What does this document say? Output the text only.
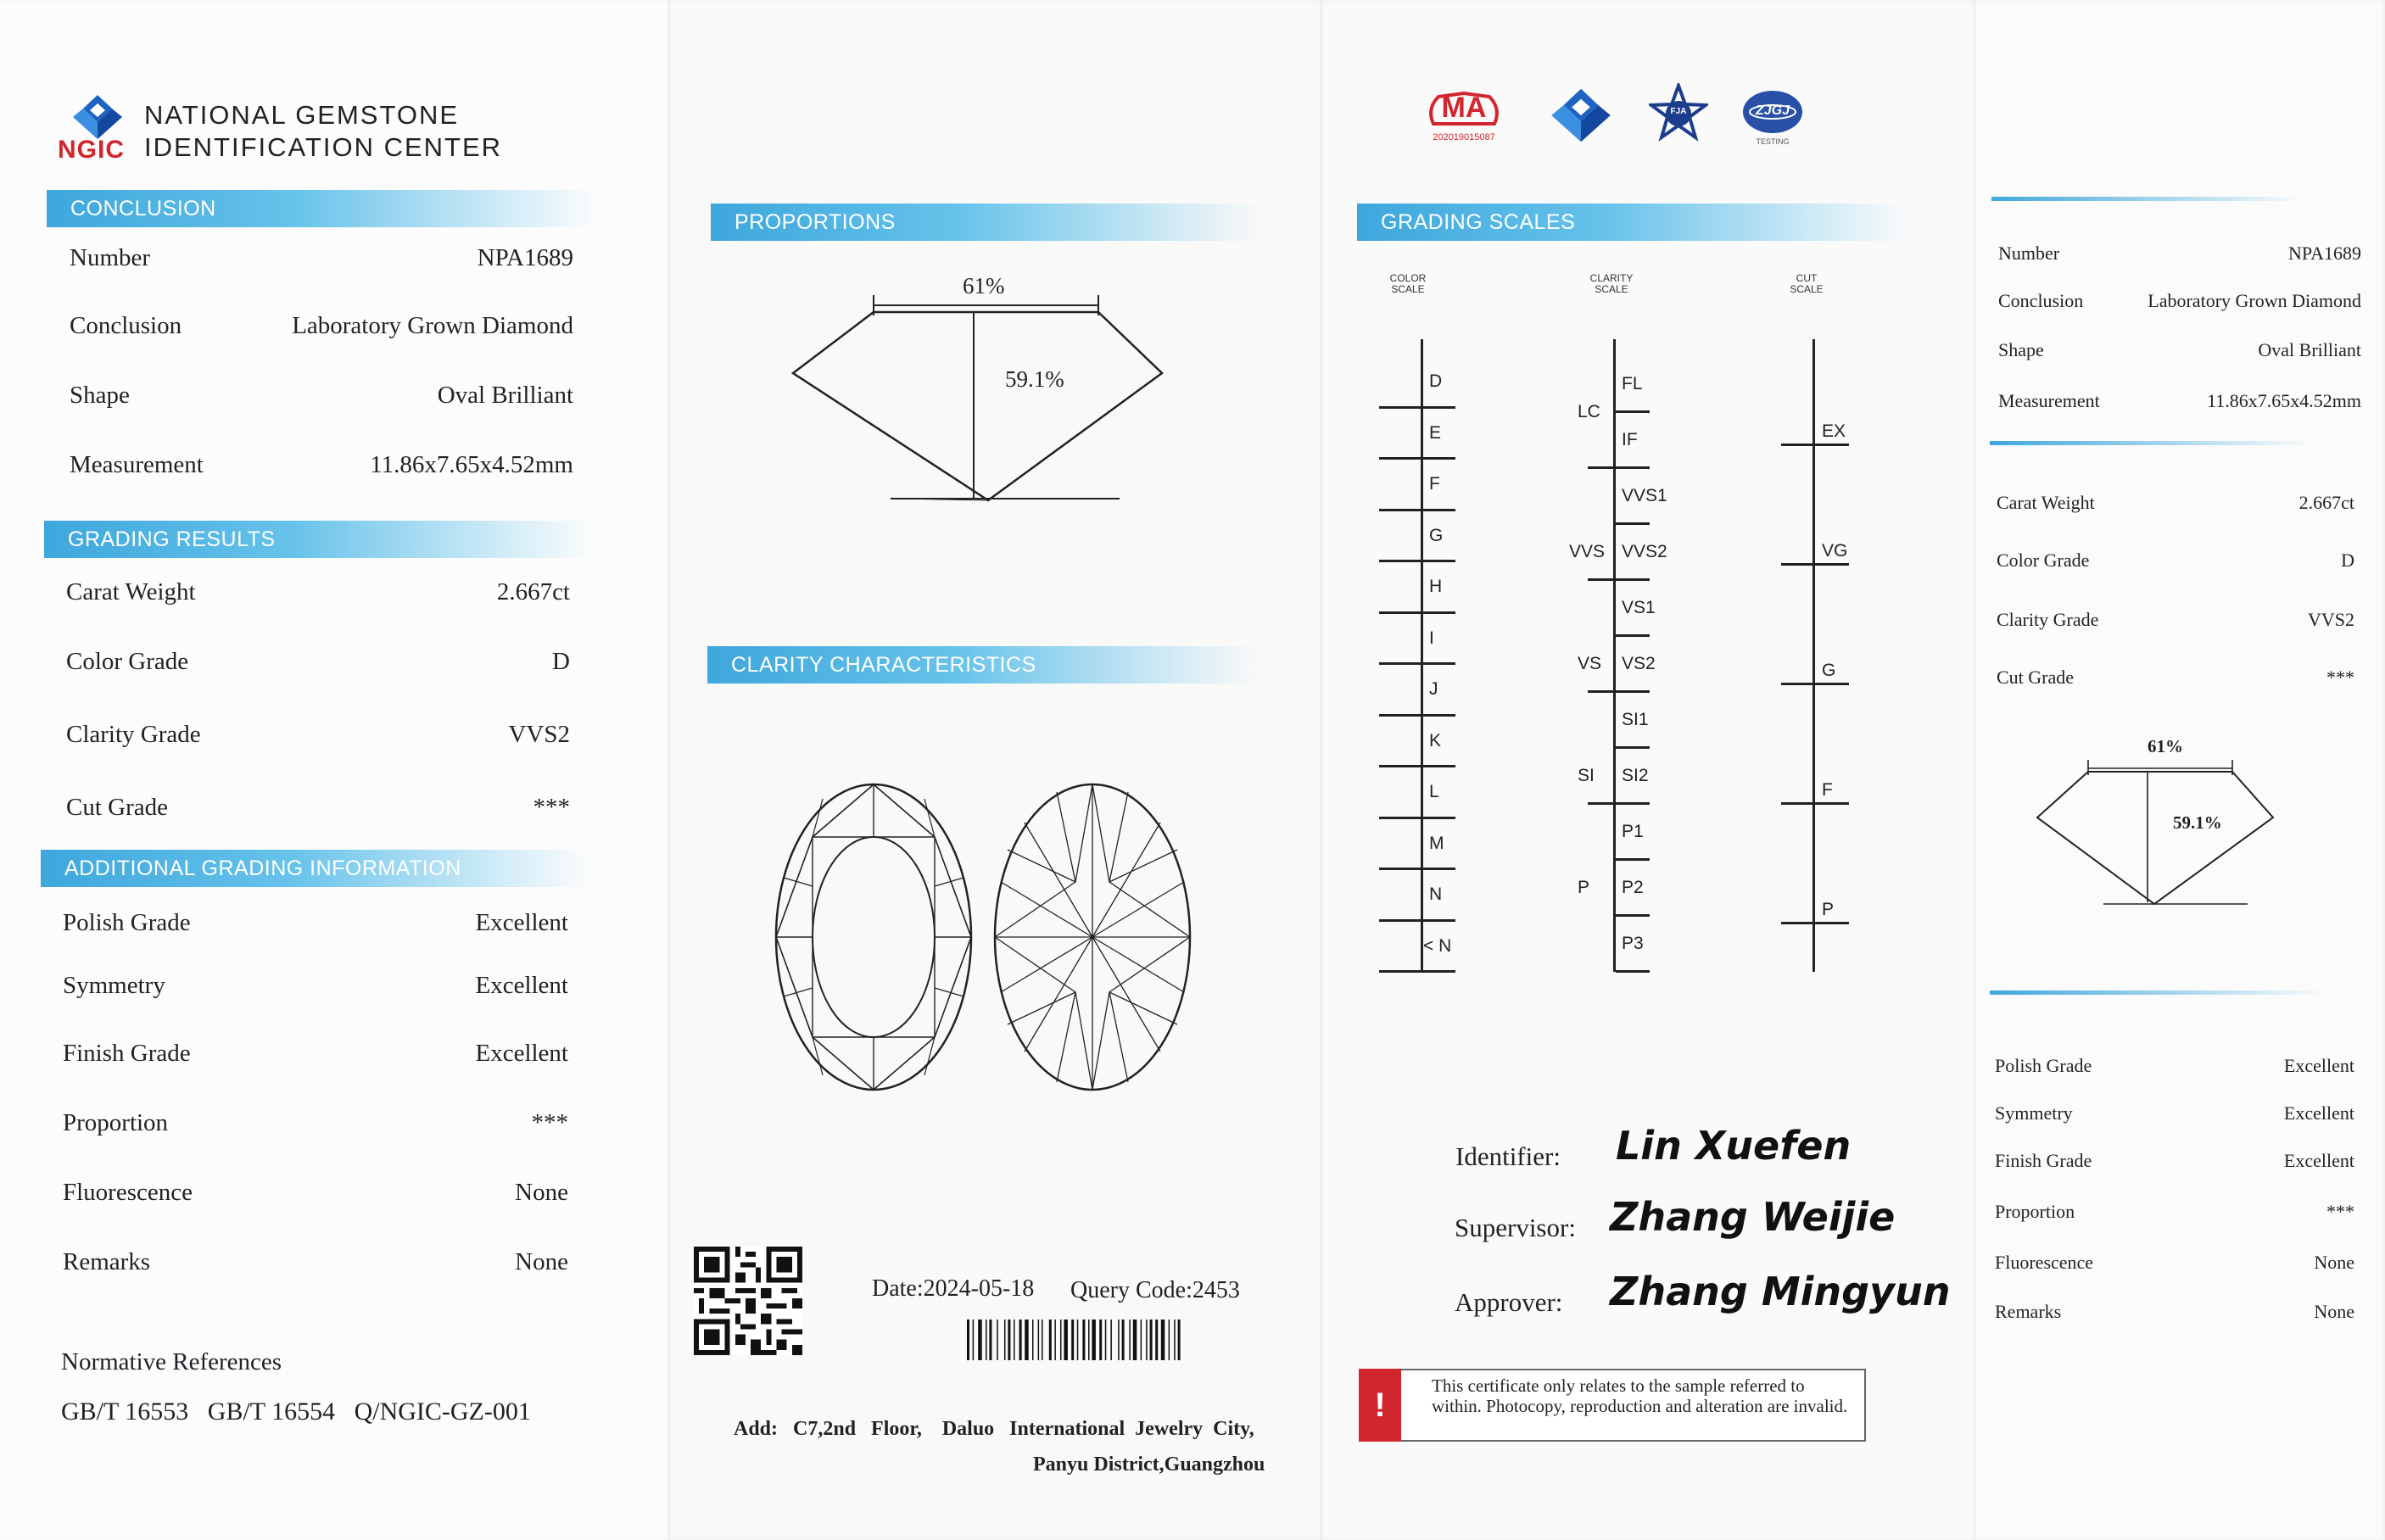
NGIC
NATIONAL GEMSTONE
IDENTIFICATION CENTER
CONCLUSION
Number	NPA1689
Conclusion	Laboratory Grown Diamond
Shape	Oval Brilliant
Measurement	11.86x7.65x4.52mm
GRADING RESULTS
Carat Weight	2.667ct
Color Grade	D
Clarity Grade	VVS2
Cut Grade	***
ADDITIONAL GRADING INFORMATION
Polish Grade	Excellent
Symmetry	Excellent
Finish Grade	Excellent
Proportion	***
Fluorescence	None
Remarks	None
Normative References
GB/T 16553   GB/T 16554   Q/NGIC-GZ-001
PROPORTIONS
61%
59.1%
CLARITY CHARACTERISTICS
Date:2024-05-18 Query Code:2453
Add:   C7,2nd   Floor,    Daluo   International  Jewelry  City,
Panyu District,Guangzhou
MA
202019015087
FJA	ZJGJ
TESTING
GRADING SCALES
COLOR
SCALE
CLARITY
SCALE
CUT
SCALE
D
E
F
G
H
I
J
K
L
M
N
< N
FL
IF
VVS1
VVS2
VS1
VS2
SI1
SI2
P1
P2
P3
LC
VVS
VS
SI
P
EX
VG
G
F
P
Identifier: Lin Xuefen
Supervisor: Zhang Weijie
Approver: Zhang Mingyun
!
This certificate only relates to the sample referred to within. Photocopy, reproduction and alteration are invalid.
Number	NPA1689
Conclusion	Laboratory Grown Diamond
Shape	Oval Brilliant
Measurement	11.86x7.65x4.52mm
Carat Weight	2.667ct
Color Grade	D
Clarity Grade	VVS2
Cut Grade	***
61%
59.1%
Polish Grade	Excellent
Symmetry	Excellent
Finish Grade	Excellent
Proportion	***
Fluorescence	None
Remarks	None
